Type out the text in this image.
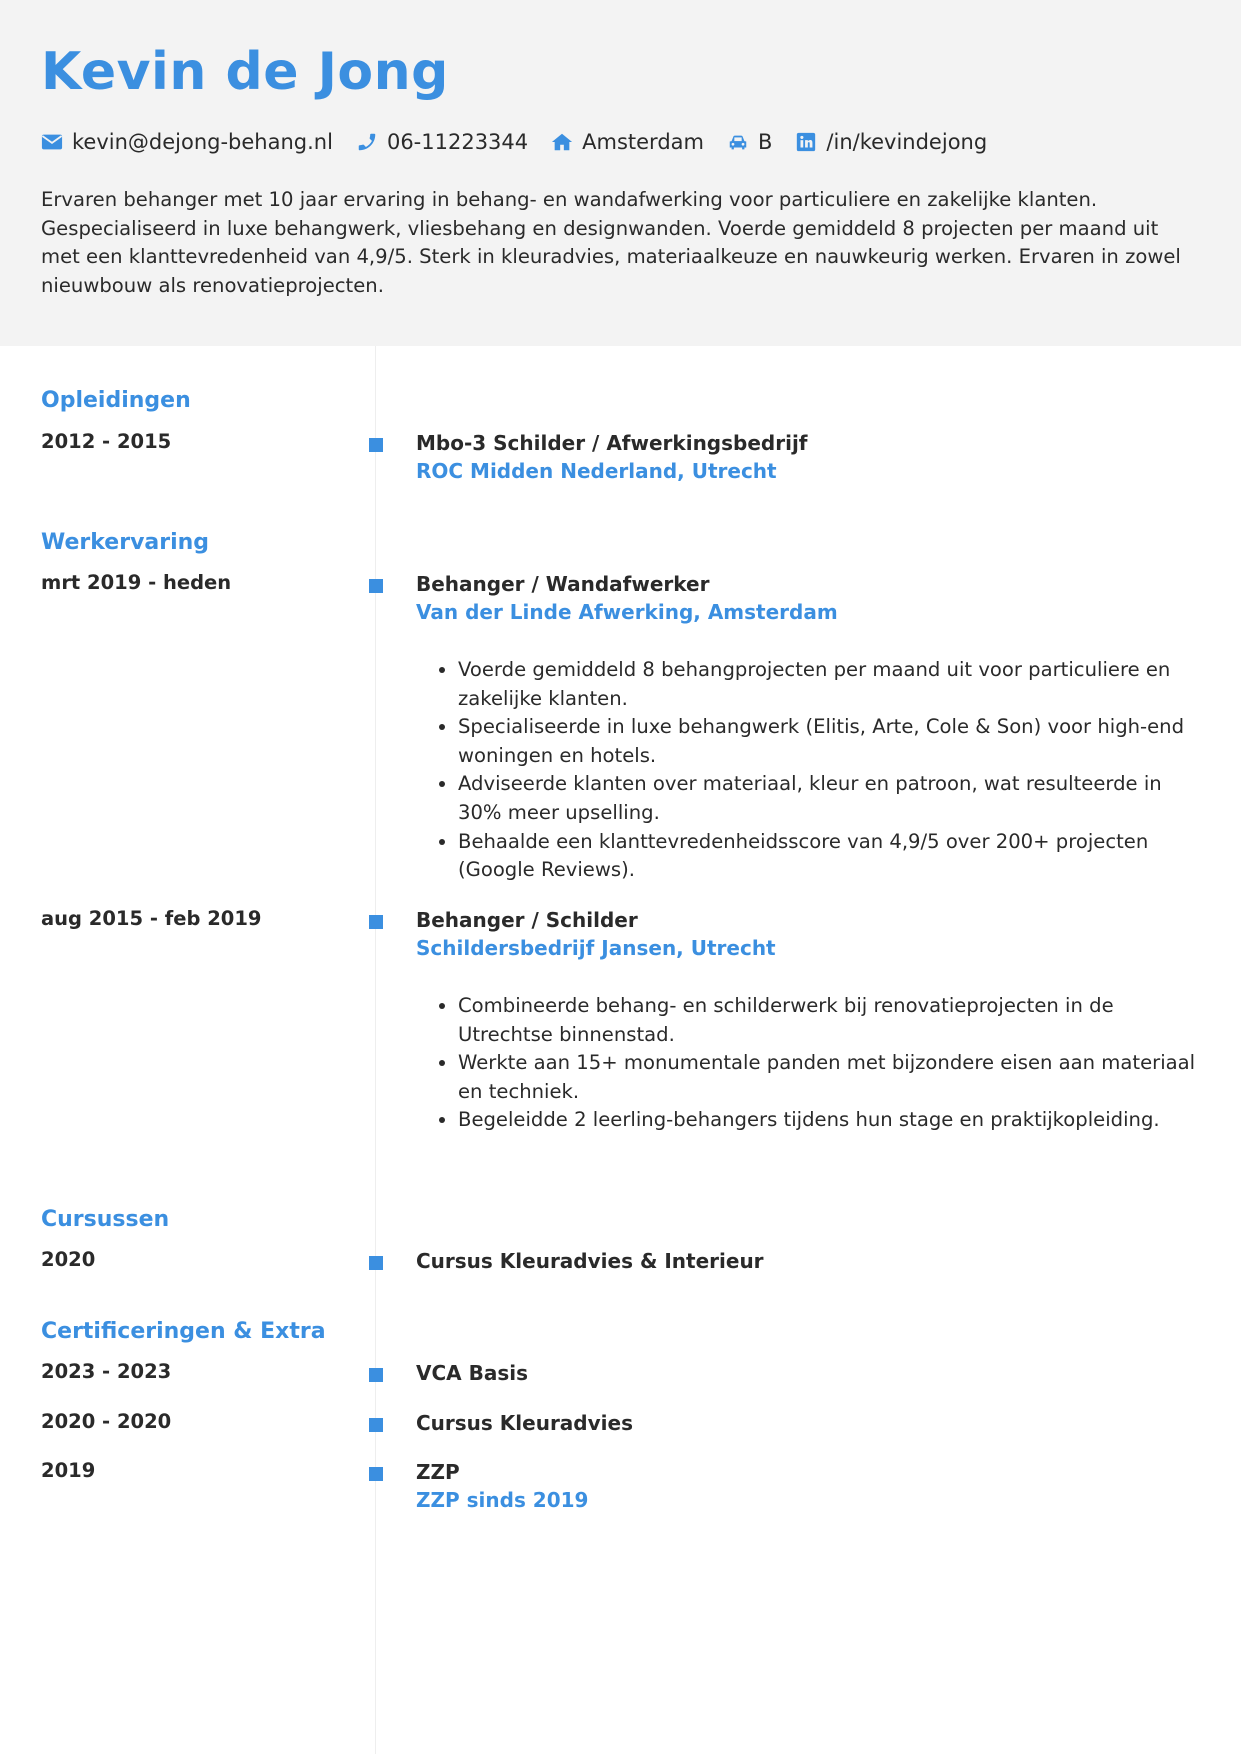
Kevin de Jong
kevin@dejong-behang.nl	06-11223344	Amsterdam	B	/in/kevindejong

Ervaren behanger met 10 jaar ervaring in behang- en wandafwerking voor particuliere en zakelijke klanten. Gespecialiseerd in luxe behangwerk, vliesbehang en designwanden. Voerde gemiddeld 8 projecten per maand uit met een klanttevredenheid van 4,9/5. Sterk in kleuradvies, materiaalkeuze en nauwkeurig werken. Ervaren in zowel nieuwbouw als renovatieprojecten.

Opleidingen
2012 - 2015	Mbo-3 Schilder / Afwerkingsbedrijf
ROC Midden Nederland, Utrecht
Werkervaring
mrt 2019 - heden	Behanger / Wandafwerker
Van der Linde Afwerking, Amsterdam
• Voerde gemiddeld 8 behangprojecten per maand uit voor particuliere en zakelijke klanten.
• Specialiseerde in luxe behangwerk (Elitis, Arte, Cole & Son) voor high-end woningen en hotels.
• Adviseerde klanten over materiaal, kleur en patroon, wat resulteerde in 30% meer upselling.
• Behaalde een klanttevredenheidsscore van 4,9/5 over 200+ projecten (Google Reviews).
aug 2015 - feb 2019	Behanger / Schilder
Schildersbedrijf Jansen, Utrecht
• Combineerde behang- en schilderwerk bij renovatieprojecten in de Utrechtse binnenstad.
• Werkte aan 15+ monumentale panden met bijzondere eisen aan materiaal en techniek.
• Begeleidde 2 leerling-behangers tijdens hun stage en praktijkopleiding.
Cursussen
2020	Cursus Kleuradvies & Interieur
Certificeringen & Extra
2023 - 2023	VCA Basis
2020 - 2020	Cursus Kleuradvies
2019	ZZP
ZZP sinds 2019
